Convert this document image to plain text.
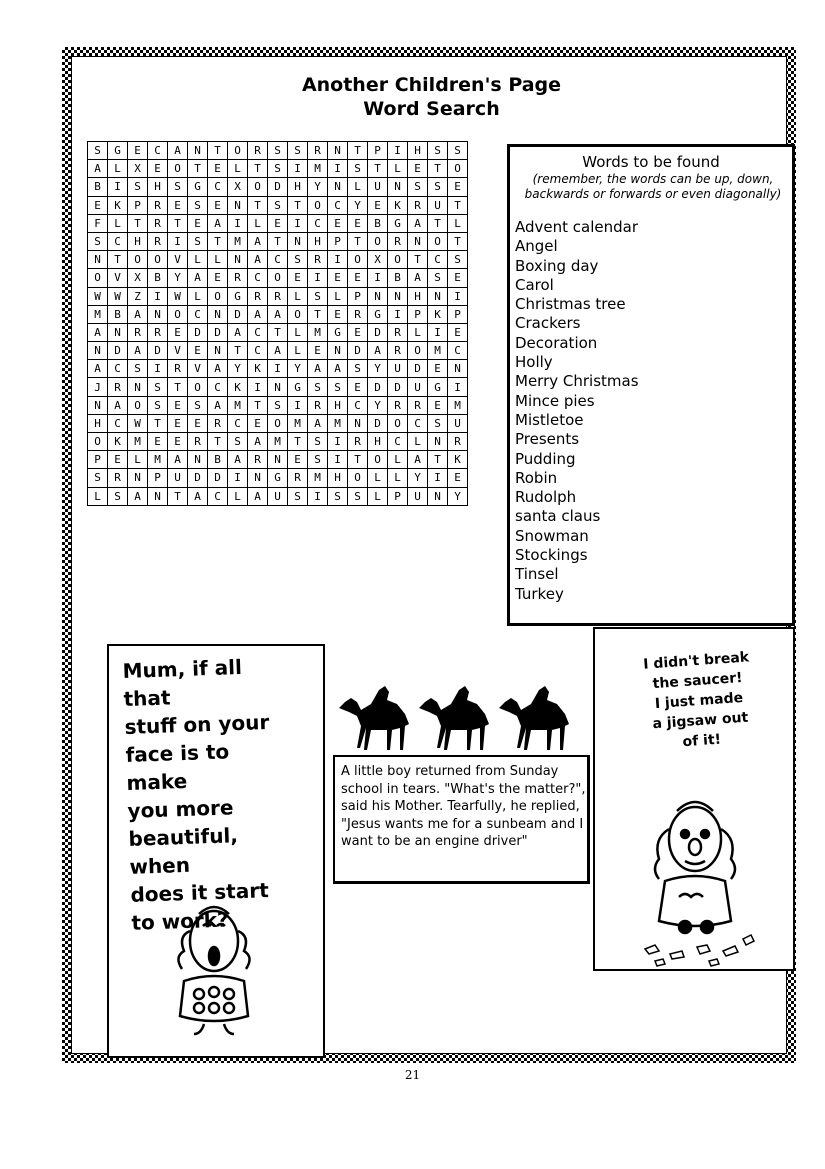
Another Children's Page
Word Search
S	G	E	C	A	N	T	O	R	S	S	R	N	T	P	I	H	S	S
A	L	X	E	O	T	E	L	T	S	I	M	I	S	T	L	E	T	O
B	I	S	H	S	G	C	X	O	D	H	Y	N	L	U	N	S	S	E
E	K	P	R	E	S	E	N	T	S	T	O	C	Y	E	K	R	U	T
F	L	T	R	T	E	A	I	L	E	I	C	E	E	B	G	A	T	L
S	C	H	R	I	S	T	M	A	T	N	H	P	T	O	R	N	O	T
N	T	O	O	V	L	L	N	A	C	S	R	I	O	X	O	T	C	S
O	V	X	B	Y	A	E	R	C	O	E	I	E	E	I	B	A	S	E
W	W	Z	I	W	L	O	G	R	R	L	S	L	P	N	N	H	N	I
M	B	A	N	O	C	N	D	A	A	O	T	E	R	G	I	P	K	P
A	N	R	R	E	D	D	A	C	T	L	M	G	E	D	R	L	I	E
N	D	A	D	V	E	N	T	C	A	L	E	N	D	A	R	O	M	C
A	C	S	I	R	V	A	Y	K	I	Y	A	A	S	Y	U	D	E	N
J	R	N	S	T	O	C	K	I	N	G	S	S	E	D	D	U	G	I
N	A	O	S	E	S	A	M	T	S	I	R	H	C	Y	R	R	E	M
H	C	W	T	E	E	R	C	E	O	M	A	M	N	D	O	C	S	U
O	K	M	E	E	R	T	S	A	M	T	S	I	R	H	C	L	N	R
P	E	L	M	A	N	B	A	R	N	E	S	I	T	O	L	A	T	K
S	R	N	P	U	D	D	I	N	G	R	M	H	O	L	L	Y	I	E
L	S	A	N	T	A	C	L	A	U	S	I	S	S	L	P	U	N	Y
Words to be found
(remember, the words can be up, down, backwards or forwards or even diagonally)
Advent calendar
Angel
Boxing day
Carol
Christmas tree
Crackers
Decoration
Holly
Merry Christmas
Mince pies
Mistletoe
Presents
Pudding
Robin
Rudolph
santa claus
Snowman
Stockings
Tinsel
Turkey
Mum, if all that
stuff on your
face is to make
you more
beautiful, when
does it start
to work?
A little boy returned from Sunday school in tears. "What's the matter?", said his Mother. Tearfully, he replied, "Jesus wants me for a sunbeam and I want to be an engine driver"
I didn't break
the saucer!
I just made
a jigsaw out
of it!
21
